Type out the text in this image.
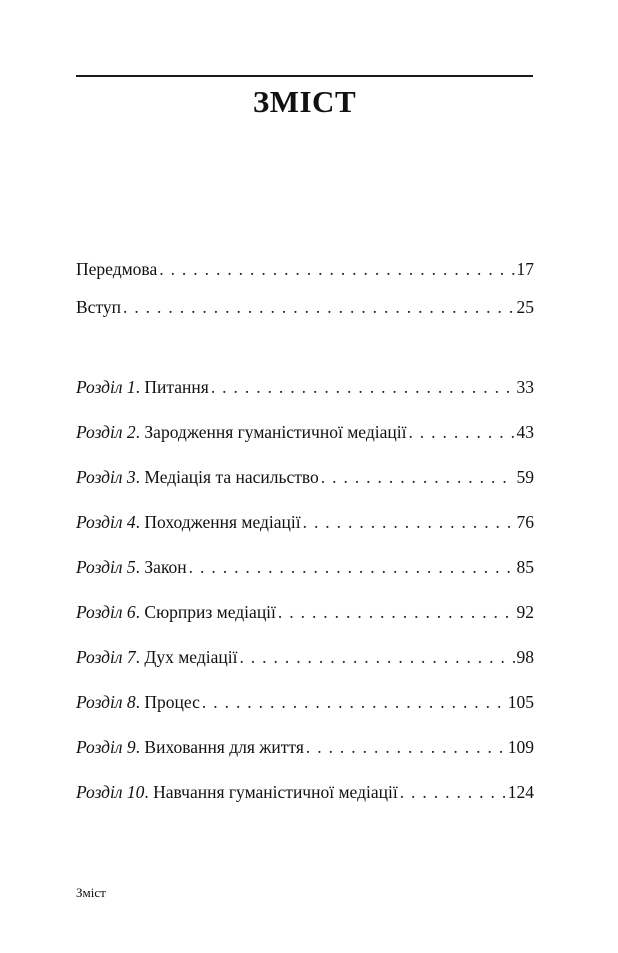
ЗМІСТ
Передмова . . .	17
Вступ . . .	25
Розділ 1. Питання . . .	33
Розділ 2. Зародження гуманістичної медіації . . .	43
Розділ 3. Медіація та насильство . . .	59
Розділ 4. Походження медіації . . .	76
Розділ 5. Закон . . .	85
Розділ 6. Сюрприз медіації . . .	92
Розділ 7. Дух медіації . . .	98
Розділ 8. Процес . . .	105
Розділ 9. Виховання для життя . . .	109
Розділ 10. Навчання гуманістичної медіації . . .	124
Зміст
